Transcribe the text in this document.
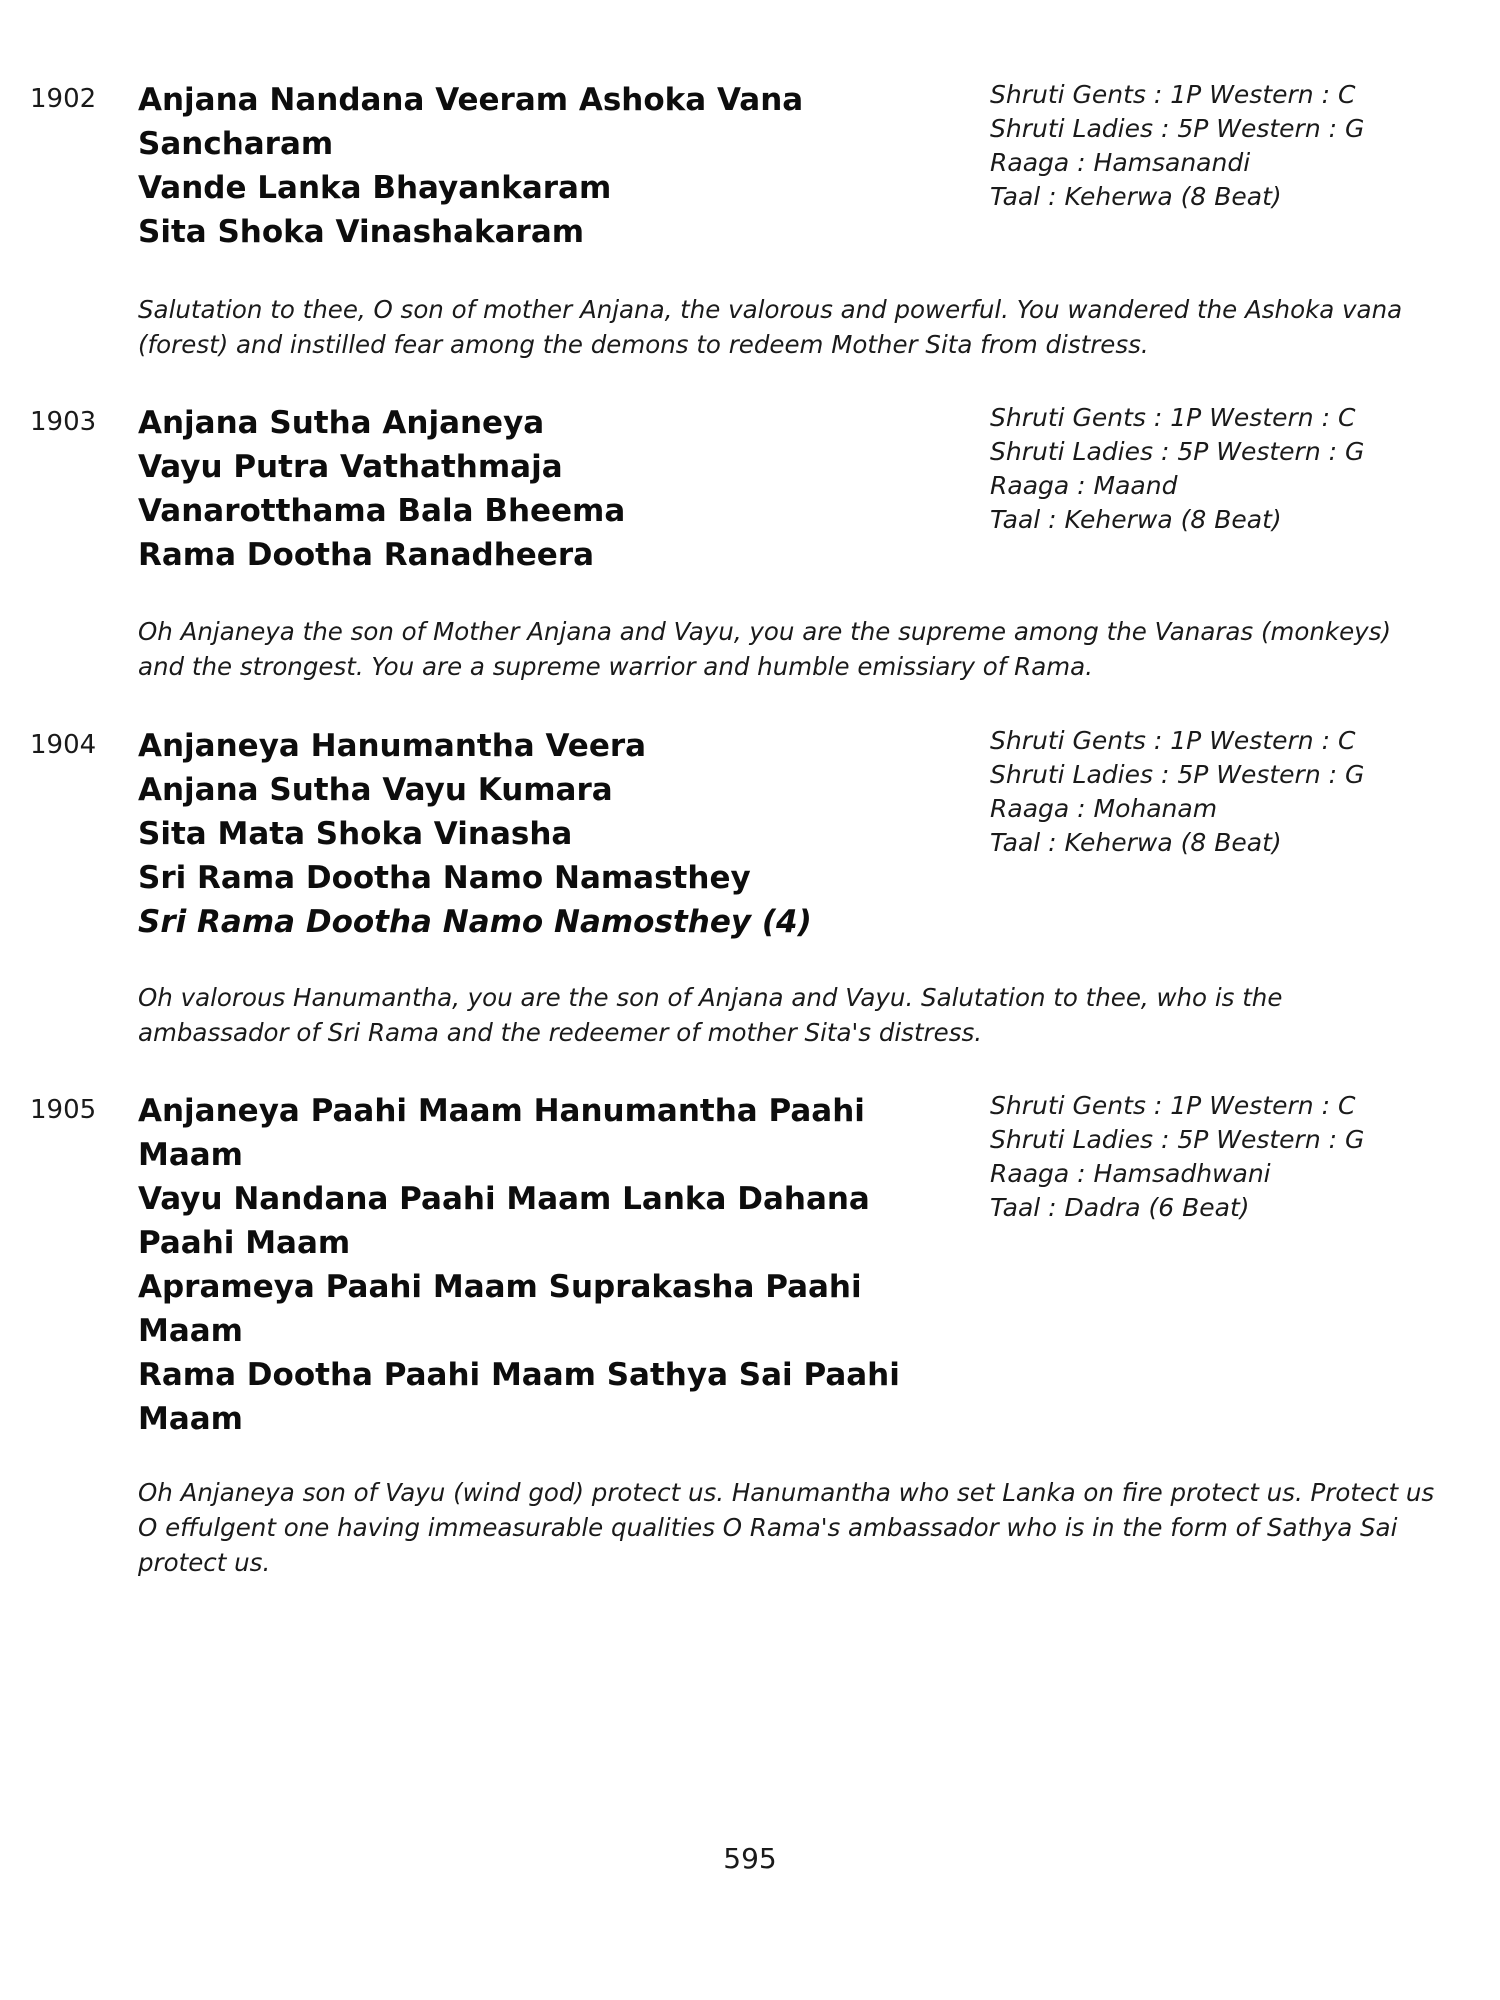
1902 Anjana Nandana Veeram Ashoka Vana Sancharam
Vande Lanka Bhayankaram
Sita Shoka Vinashakaram
Shruti Gents : 1P Western : C
Shruti Ladies : 5P Western : G
Raaga : Hamsanandi
Taal : Keherwa (8 Beat)
Salutation to thee, O son of mother Anjana, the valorous and powerful. You wandered the Ashoka vana (forest) and instilled fear among the demons to redeem Mother Sita from distress.
1903 Anjana Sutha Anjaneya
Vayu Putra Vathathmaja
Vanarotthama Bala Bheema
Rama Dootha Ranadheera
Shruti Gents : 1P Western : C
Shruti Ladies : 5P Western : G
Raaga : Maand
Taal : Keherwa (8 Beat)
Oh Anjaneya the son of Mother Anjana and Vayu, you are the supreme among the Vanaras (monkeys) and the strongest. You are a supreme warrior and humble emissiary of Rama.
1904 Anjaneya Hanumantha Veera
Anjana Sutha Vayu Kumara
Sita Mata Shoka Vinasha
Sri Rama Dootha Namo Namasthey
Sri Rama Dootha Namo Namosthey (4)
Shruti Gents : 1P Western : C
Shruti Ladies : 5P Western : G
Raaga : Mohanam
Taal : Keherwa (8 Beat)
Oh valorous Hanumantha, you are the son of Anjana and Vayu. Salutation to thee, who is the ambassador of Sri Rama and the redeemer of mother Sita's distress.
1905 Anjaneya Paahi Maam Hanumantha Paahi Maam
Vayu Nandana Paahi Maam Lanka Dahana Paahi Maam
Aprameya Paahi Maam Suprakasha Paahi Maam
Rama Dootha Paahi Maam Sathya Sai Paahi Maam
Shruti Gents : 1P Western : C
Shruti Ladies : 5P Western : G
Raaga : Hamsadhwani
Taal : Dadra (6 Beat)
Oh Anjaneya son of Vayu (wind god) protect us. Hanumantha who set Lanka on fire protect us. Protect us O effulgent one having immeasurable qualities O Rama's ambassador who is in the form of Sathya Sai protect us.
595
